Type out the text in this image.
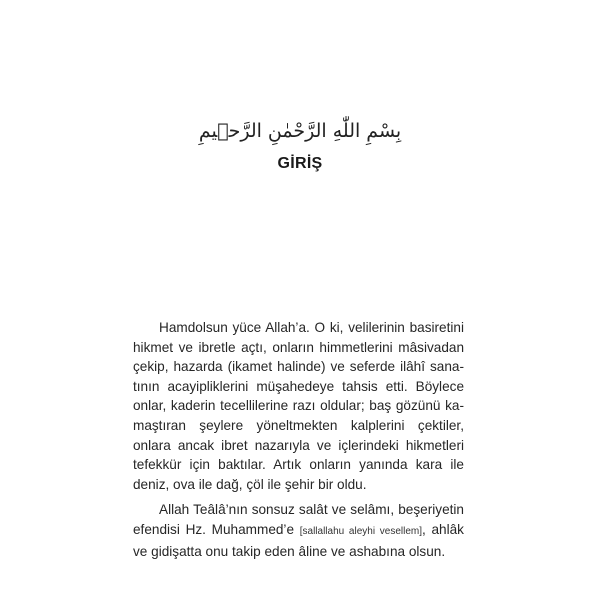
بِسْمِ اللّٰهِ الرَّحْمٰنِ الرَّح۪يمِ
GİRİŞ

Hamdolsun yüce Allah’a. O ki, velilerinin basiretini hikmet ve ibretle açtı, onların himmetlerini mâsivadan çekip, hazarda (ikamet halinde) ve seferde ilâhî sanatının acayipliklerini müşahedeye tahsis etti. Böylece onlar, kaderin tecellilerine razı oldular; baş gözünü kamaştıran şeylere yöneltmekten kalplerini çektiler, onlara ancak ibret nazarıyla ve içlerindeki hikmetleri tefekkür için baktılar. Artık onların yanında kara ile deniz, ova ile dağ, çöl ile şehir bir oldu.

Allah Teâlâ’nın sonsuz salât ve selâmı, beşeriyetin efendisi Hz. Muhammed’e [sallallahu aleyhi vesellem], ahlâk ve gidişatta onu takip eden âline ve ashabına olsun.
